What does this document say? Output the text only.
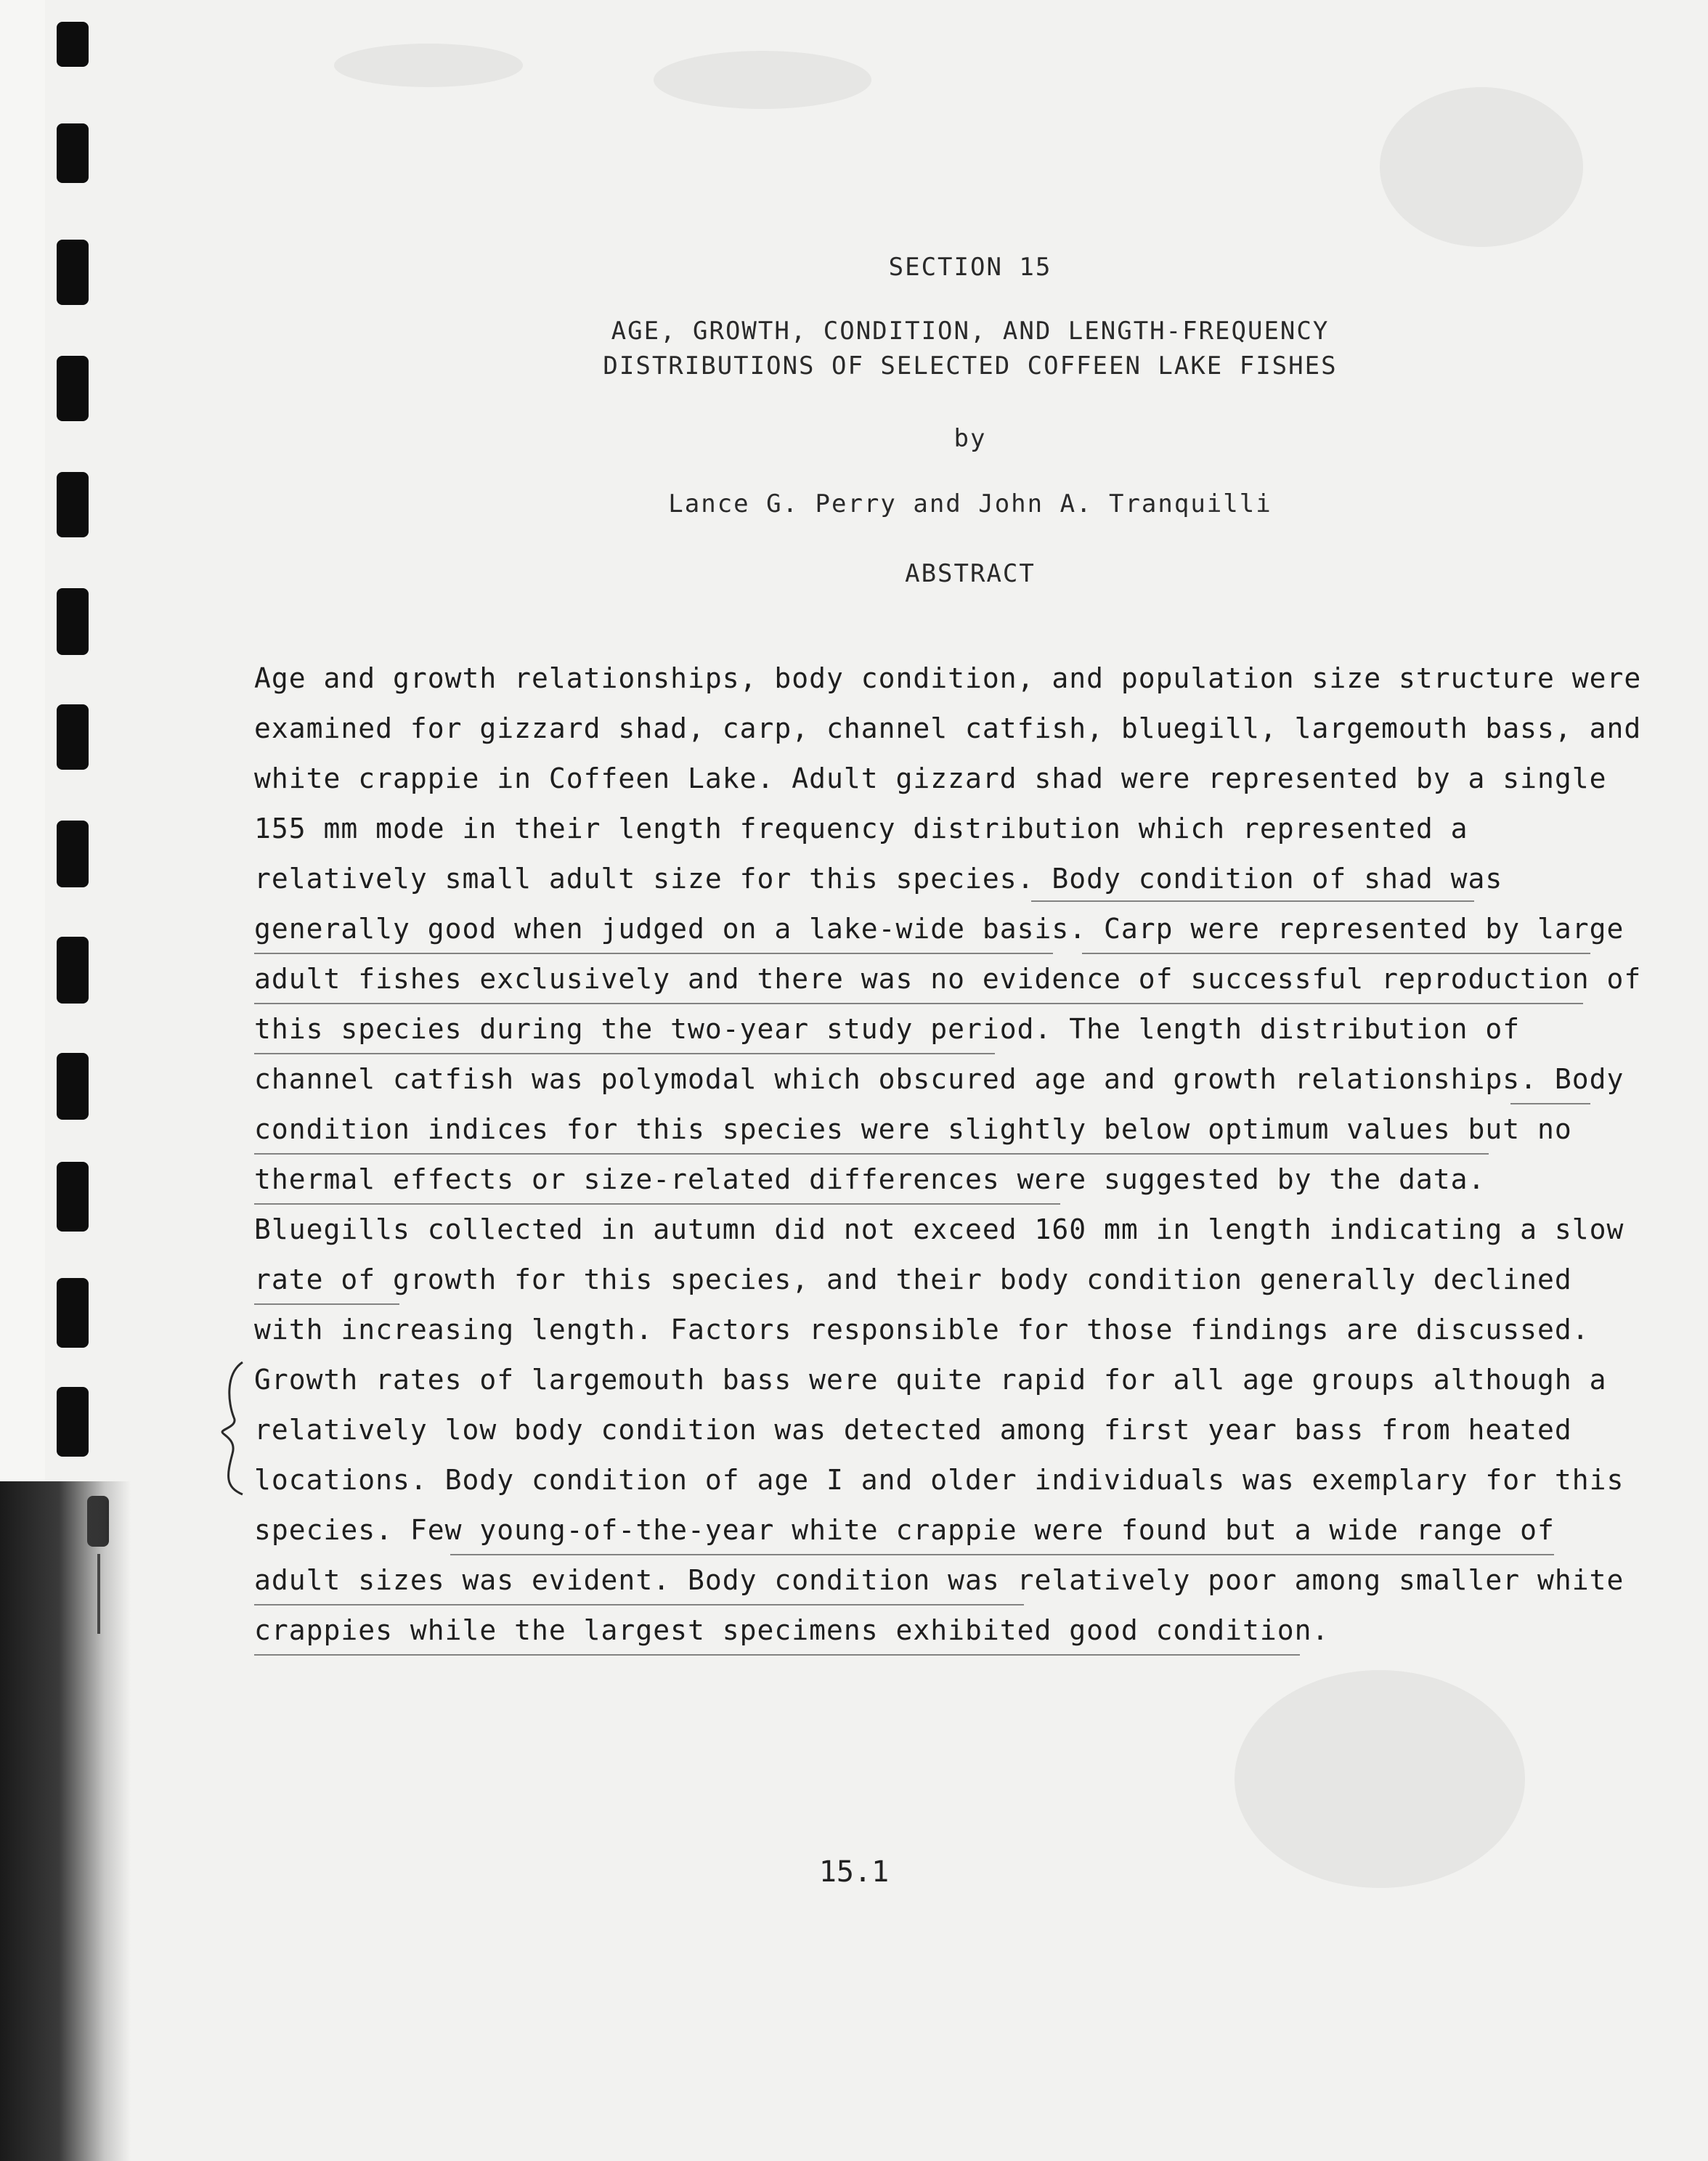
SECTION 15
AGE, GROWTH, CONDITION, AND LENGTH-FREQUENCY
DISTRIBUTIONS OF SELECTED COFFEEN LAKE FISHES
by
Lance G. Perry and John A. Tranquilli
ABSTRACT
Age and growth relationships, body condition, and population size structure were
examined for gizzard shad, carp, channel catfish, bluegill, largemouth bass, and
white crappie in Coffeen Lake. Adult gizzard shad were represented by a single
155 mm mode in their length frequency distribution which represented a
relatively small adult size for this species. Body condition of shad was
generally good when judged on a lake-wide basis. Carp were represented by large
adult fishes exclusively and there was no evidence of successful reproduction of
this species during the two-year study period. The length distribution of
channel catfish was polymodal which obscured age and growth relationships. Body
condition indices for this species were slightly below optimum values but no
thermal effects or size-related differences were suggested by the data.
Bluegills collected in autumn did not exceed 160 mm in length indicating a slow
rate of growth for this species, and their body condition generally declined
with increasing length. Factors responsible for those findings are discussed.
Growth rates of largemouth bass were quite rapid for all age groups although a
relatively low body condition was detected among first year bass from heated
locations. Body condition of age I and older individuals was exemplary for this
species. Few young-of-the-year white crappie were found but a wide range of
adult sizes was evident. Body condition was relatively poor among smaller white
crappies while the largest specimens exhibited good condition.
15.1
